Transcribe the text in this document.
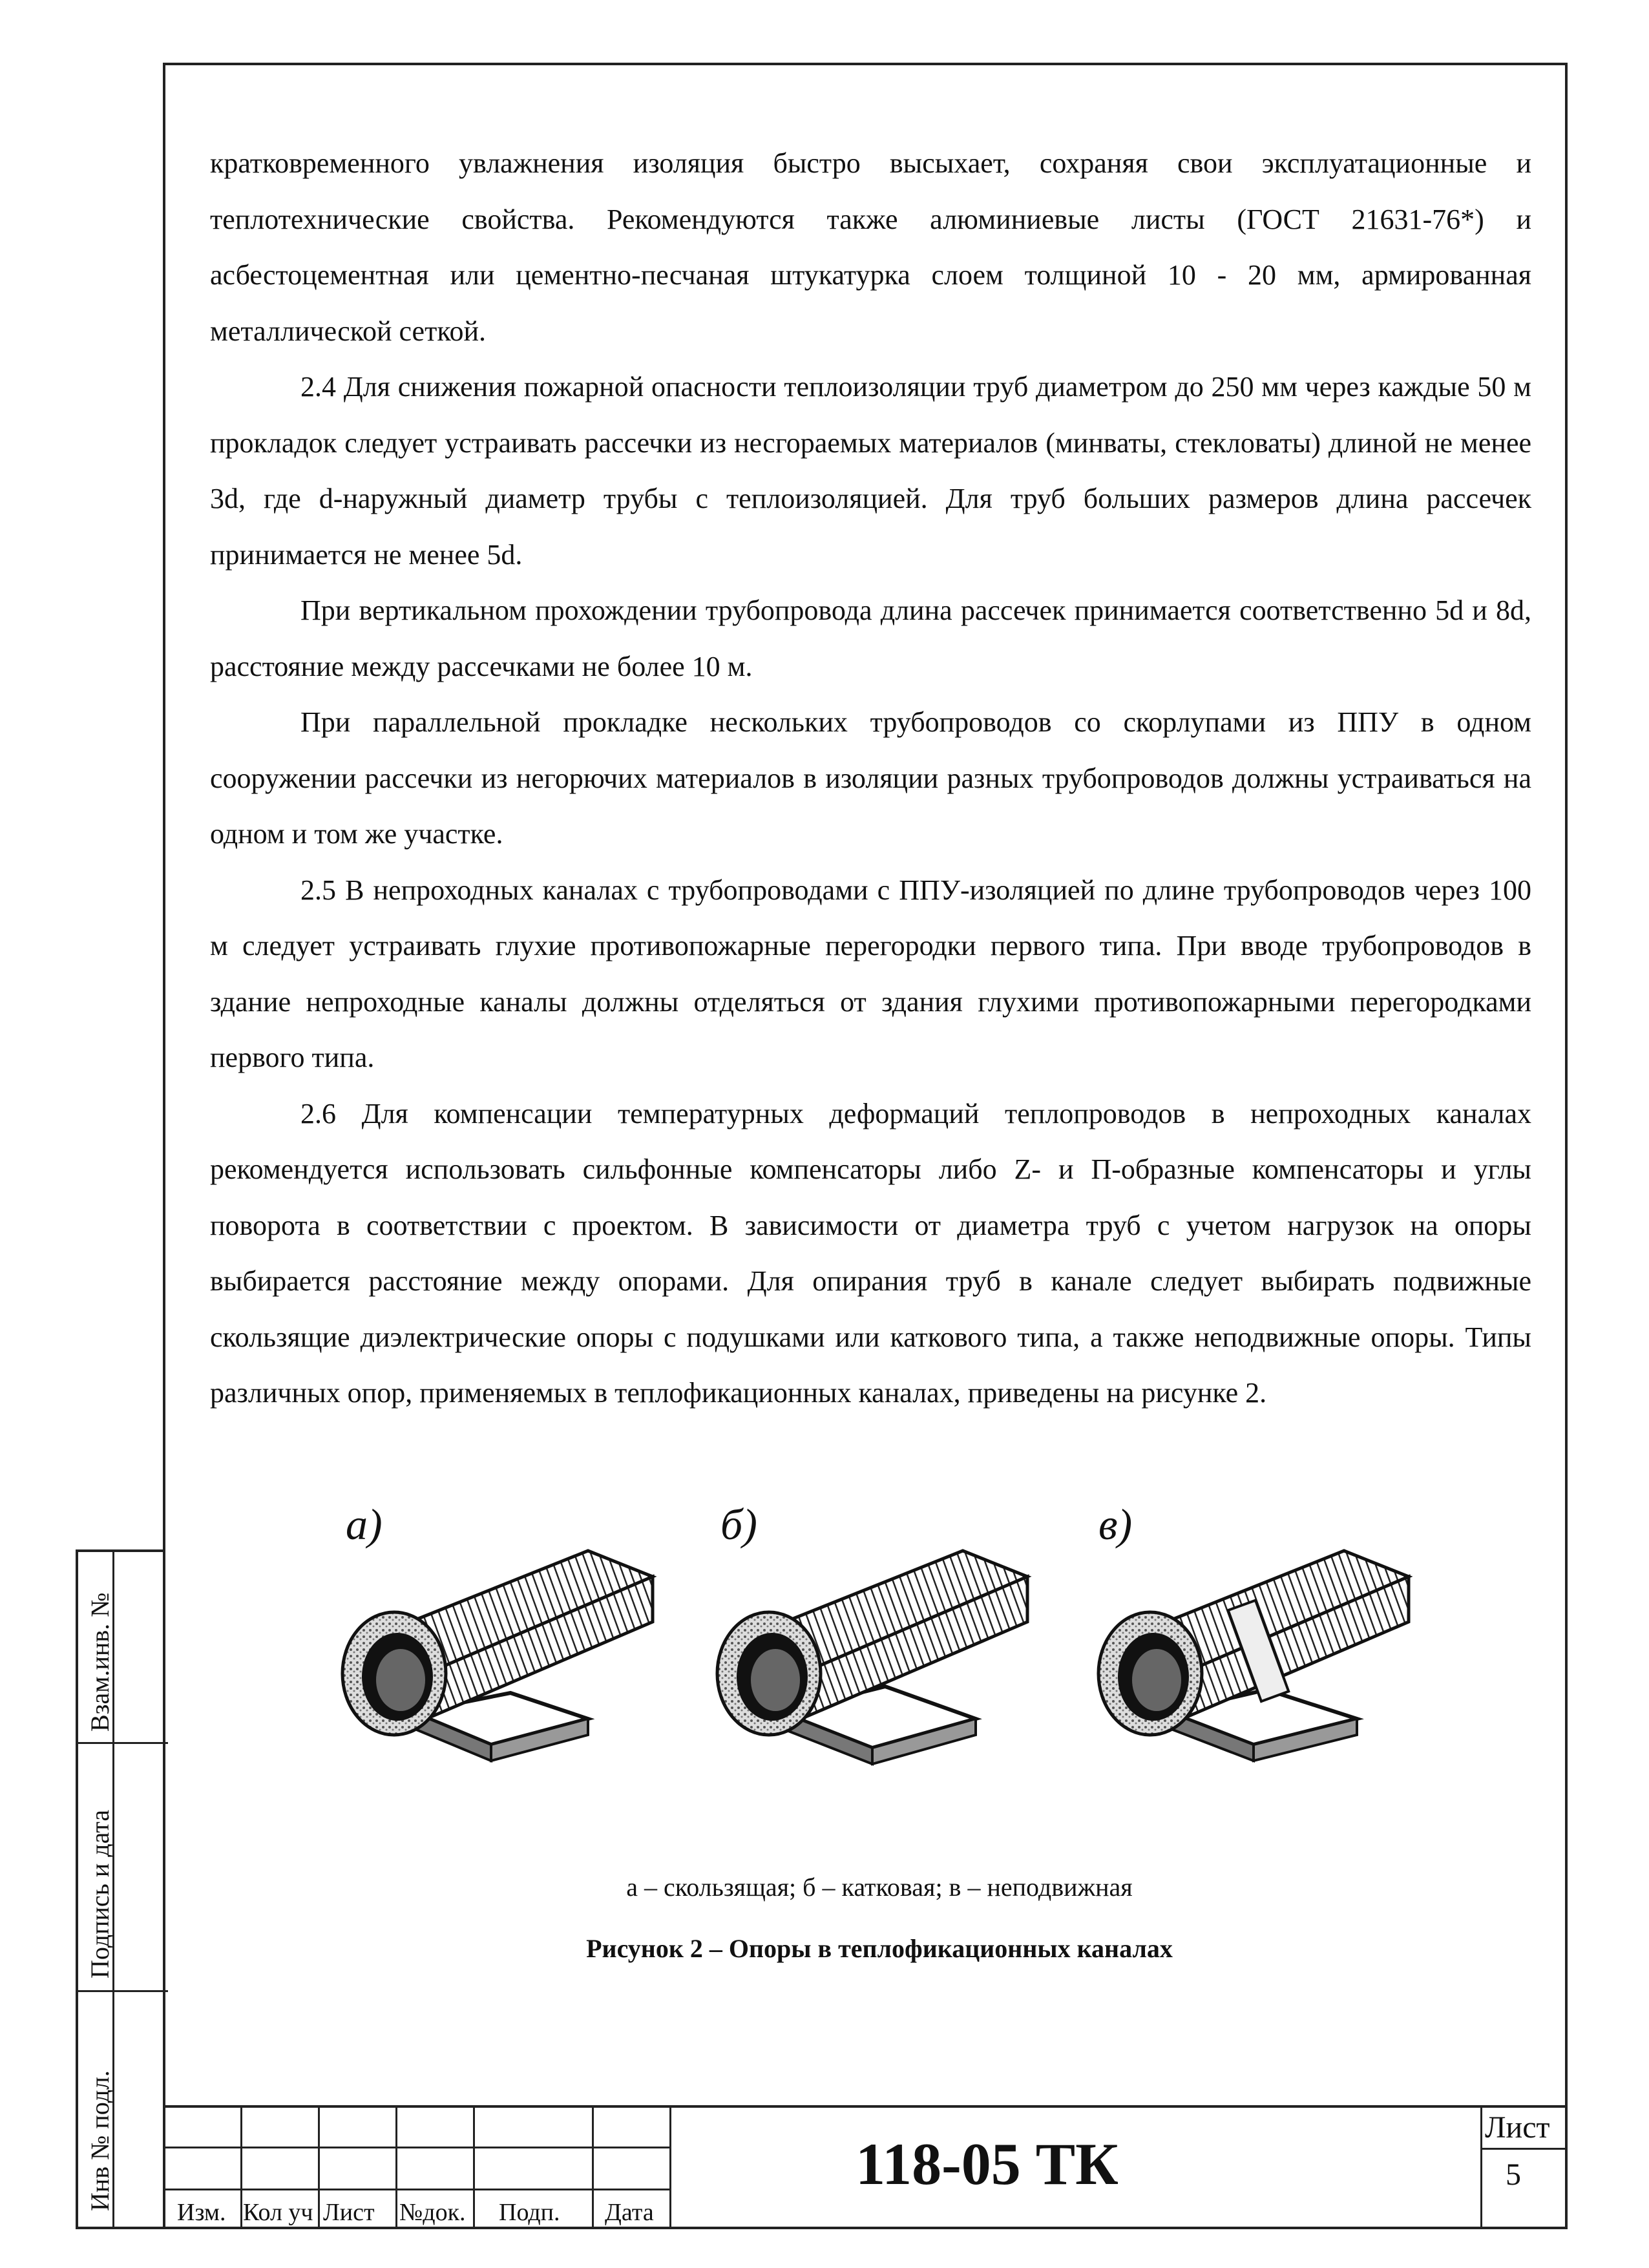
Взам.инв. №
Подпись и дата
Инв № подл.

кратковременного увлажнения изоляция быстро высыхает, сохраняя свои эксплуатационные и теплотехнические свойства. Рекомендуются также алюминиевые листы (ГОСТ 21631-76*) и асбестоцементная или цементно-песчаная штукатурка слоем толщиной 10 - 20 мм, армированная металлической сеткой.

2.4 Для снижения пожарной опасности теплоизоляции труб диаметром до 250 мм через каждые 50 м прокладок следует устраивать рассечки из несгораемых материалов (минваты, стекловаты) длиной не менее 3d, где d-наружный диаметр трубы с теплоизоляцией. Для труб больших размеров длина рассечек принимается не менее 5d.

При вертикальном прохождении трубопровода длина рассечек принимается соответственно 5d и 8d, расстояние между рассечками не более 10 м.

При параллельной прокладке нескольких трубопроводов со скорлупами из ППУ в одном сооружении рассечки из негорючих материалов в изоляции разных трубопроводов должны устраиваться на одном и том же участке.

2.5 В непроходных каналах с трубопроводами с ППУ-изоляцией по длине трубопроводов через 100 м следует устраивать глухие противопожарные перегородки первого типа. При вводе трубопроводов в здание непроходные каналы должны отделяться от здания глухими противопожарными перегородками первого типа.

2.6 Для компенсации температурных деформаций теплопроводов в непроходных каналах рекомендуется использовать сильфонные компенсаторы либо Z- и П-образные компенсаторы и углы поворота в соответствии с проектом. В зависимости от диаметра труб с учетом нагрузок на опоры выбирается расстояние между опорами. Для опирания труб в канале следует выбирать подвижные скользящие диэлектрические опоры с подушками или каткового типа, а также неподвижные опоры. Типы различных опор, применяемых в теплофикационных каналах, приведены на рисунке 2.

а)	б)	в)
а – скользящая; б – катковая; в – неподвижная
Рисунок 2 – Опоры в теплофикационных каналах
Изм. Кол уч Лист №док. Подп. Дата
118-05 ТК
Лист
5
